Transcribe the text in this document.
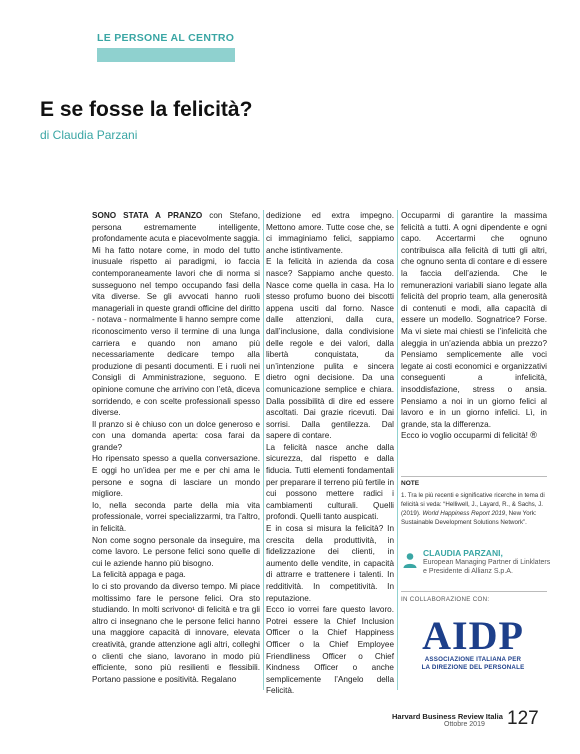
LE PERSONE AL CENTRO
E se fosse la felicità?
di Claudia Parzani

SONO STATA A PRANZO con Stefano, persona estremamente intelligente, profondamente acuta e piacevolmente saggia. Mi ha fatto notare come, in modo del tutto inusuale rispetto ai paradigmi, io faccia contemporaneamente lavori che di norma si susseguono nel tempo occupando fasi della vita diverse. Se gli avvocati hanno ruoli manageriali in queste grandi officine del diritto - notava - normalmente li hanno sempre come riconoscimento verso il termine di una lunga carriera e quando non amano più necessariamente dedicare tempo alla produzione di pesanti documenti. E i ruoli nei Consigli di Amministrazione, seguono. E opinione comune che arrivino con l’età, diceva sorridendo, e con scelte professionali spesso diverse.

Il pranzo si è chiuso con un dolce generoso e con una domanda aperta: cosa farai da grande?

Ho ripensato spesso a quella conversazione. E oggi ho un’idea per me e per chi ama le persone e sogna di lasciare un mondo migliore.

Io, nella seconda parte della mia vita professionale, vorrei specializzarmi, tra l’altro, in felicità.

Non come sogno personale da inseguire, ma come lavoro. Le persone felici sono quelle di cui le aziende hanno più bisogno.

La felicità appaga e paga.

Io ci sto provando da diverso tempo. Mi piace moltissimo fare le persone felici. Ora sto studiando. In molti scrivono¹ di felicità e tra gli altro ci insegnano che le persone felici hanno una maggiore capacità di innovare, elevata creatività, grande attenzione agli altri, colleghi o clienti che siano, lavorano in modo più efficiente, sono più resilienti e flessibili. Portano passione e positività. Regalano

dedizione ed extra impegno. Mettono amore. Tutte cose che, se ci immaginiamo felici, sappiamo anche istintivamente.

E la felicità in azienda da cosa nasce? Sappiamo anche questo. Nasce come quella in casa. Ha lo stesso profumo buono dei biscotti appena usciti dal forno. Nasce dalle attenzioni, dalla cura, dall’inclusione, dalla condivisione delle regole e dei valori, dalla libertà conquistata, da un’intenzione pulita e sincera dietro ogni decisione. Da una comunicazione semplice e chiara. Dalla possibilità di dire ed essere ascoltati. Dai grazie ricevuti. Dai sorrisi. Dalla gentilezza. Dal sapere di contare.

La felicità nasce anche dalla sicurezza, dal rispetto e dalla fiducia. Tutti elementi fondamentali per preparare il terreno più fertile in cui possono mettere radici i cambiamenti culturali. Quelli profondi. Quelli tanto auspicati.

E in cosa si misura la felicità? In crescita della produttività, in fidelizzazione dei clienti, in aumento delle vendite, in capacità di attrarre e trattenere i talenti. In redditività. In competitività. In reputazione.

Ecco io vorrei fare questo lavoro. Potrei essere la Chief Inclusion Officer o la Chief Happiness Officer o la Chief Employee Friendliness Officer o Chief Kindness Officer o anche semplicemente l’Angelo della Felicità.

Occuparmi di garantire la massima felicità a tutti. A ogni dipendente e ogni capo. Accertarmi che ognuno contribuisca alla felicità di tutti gli altri, che ognuno senta di contare e di essere la faccia dell’azienda. Che le remunerazioni variabili siano legate alla felicità del proprio team, alla generosità di contenuti e modi, alla capacità di essere un modello. Sognatrice? Forse. Ma vi siete mai chiesti se l’infelicità che aleggia in un’azienda abbia un prezzo? Pensiamo semplicemente alle voci legate ai costi economici e organizzativi conseguenti a infelicità, insoddisfazione, stress o ansia. Pensiamo a noi in un giorno felici al lavoro e in un giorno infelici. Lì, in grande, sta la differenza.

Ecco io voglio occuparmi di felicità! ®

NOTE
1. Tra le più recenti e significative ricerche in tema di felicità si veda: “Helliwell, J., Layard, R., & Sachs, J. (2019). World Happiness Report 2019, New York: Sustainable Development Solutions Network”.
CLAUDIA PARZANI,
European Managing Partner di Linklaters e Presidente di Allianz S.p.A.
IN COLLABORAZIONE CON:
AIDP
ASSOCIAZIONE ITALIANA PER
LA DIREZIONE DEL PERSONALE
Harvard Business Review Italia
Ottobre 2019 127
